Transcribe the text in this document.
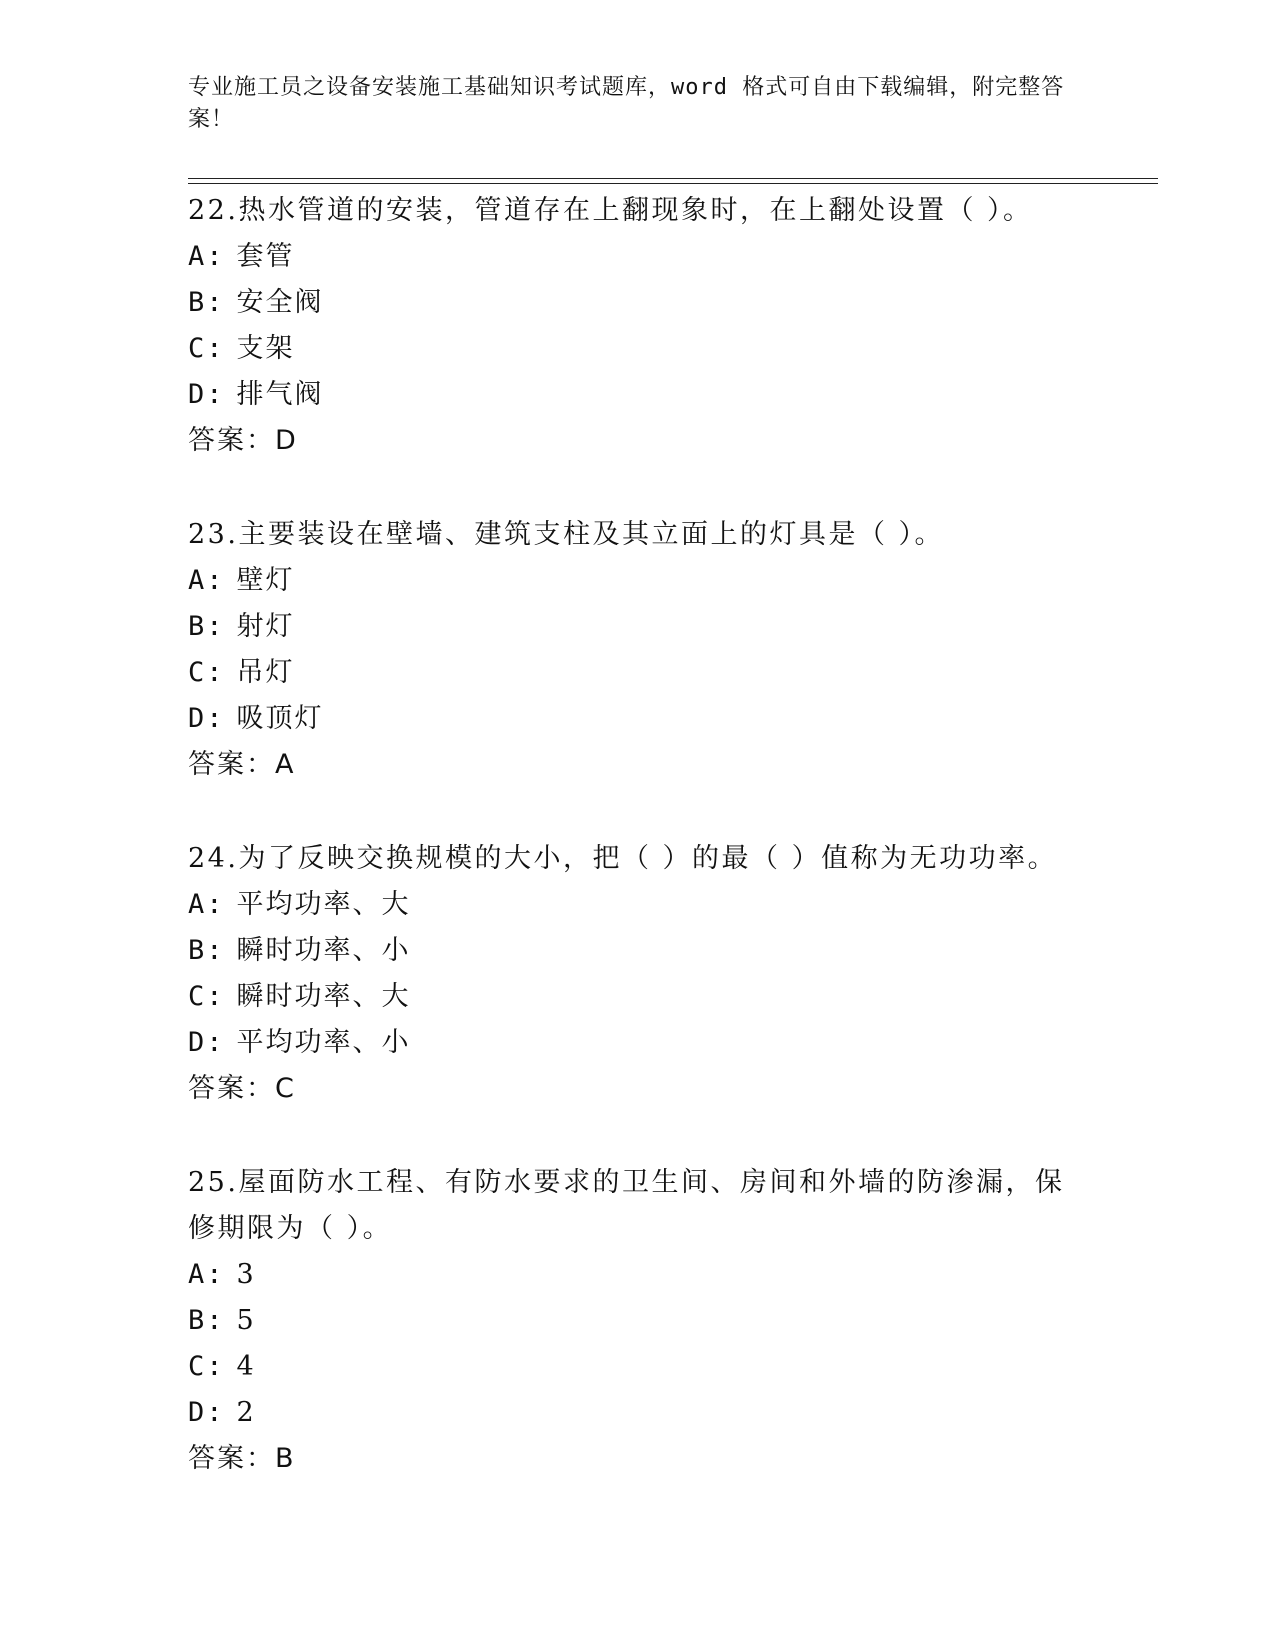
专业施工员之设备安装施工基础知识考试题库，word 格式可自由下载编辑，附完整答案！
22.热水管道的安装，管道存在上翻现象时，在上翻处设置（ ）。
A: 套管
B: 安全阀
C: 支架
D: 排气阀
答案：D
23.主要装设在壁墙、建筑支柱及其立面上的灯具是（ ）。
A: 壁灯
B: 射灯
C: 吊灯
D: 吸顶灯
答案：A
24.为了反映交换规模的大小，把（ ）的最（ ）值称为无功功率。
A: 平均功率、大
B: 瞬时功率、小
C: 瞬时功率、大
D: 平均功率、小
答案：C
25.屋面防水工程、有防水要求的卫生间、房间和外墙的防渗漏，保修期限为（ ）。
A: 3
B: 5
C: 4
D: 2
答案：B
